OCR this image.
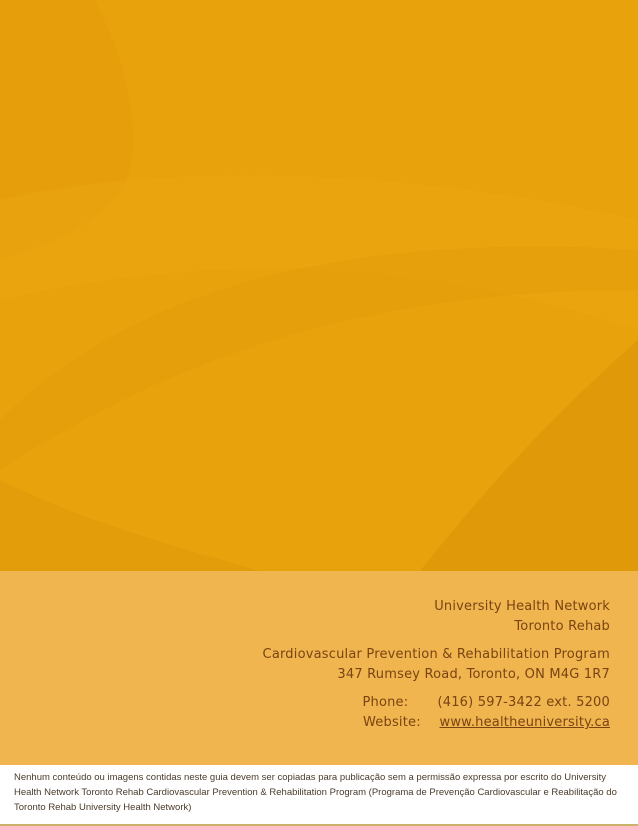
University Health Network
Toronto Rehab
Cardiovascular Prevention & Rehabilitation Program
347 Rumsey Road, Toronto, ON M4G 1R7
Phone:	(416) 597-3422 ext. 5200
Website:	www.healtheuniversity.ca
Nenhum conteúdo ou imagens contidas neste guia devem ser copiadas para publicação sem a permissão expressa por escrito do University Health Network Toronto Rehab Cardiovascular Prevention & Rehabilitation Program (Programa de Prevenção Cardiovascular e Reabilitação do Toronto Rehab University Health Network)
